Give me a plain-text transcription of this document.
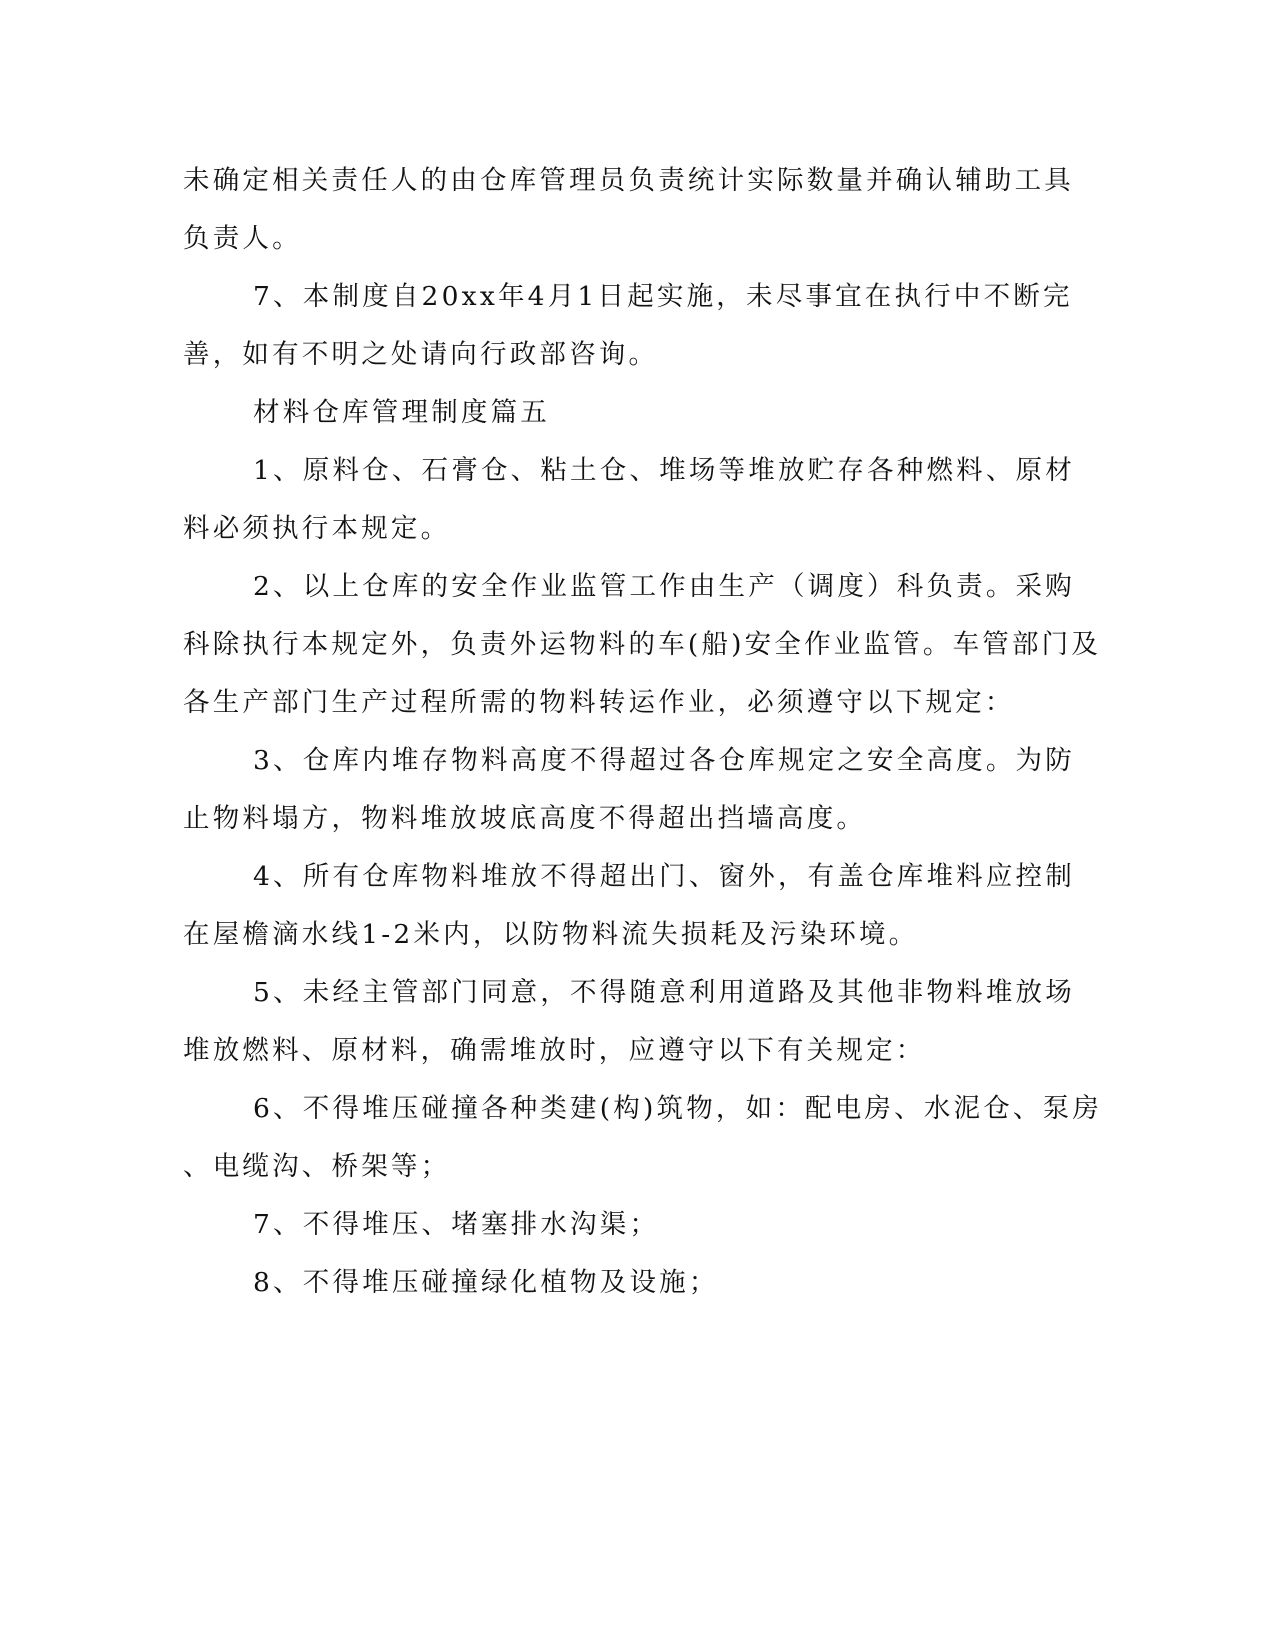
未确定相关责任人的由仓库管理员负责统计实际数量并确认辅助工具
负责人。
7、本制度自20xx年4月1日起实施，未尽事宜在执行中不断完
善，如有不明之处请向行政部咨询。
材料仓库管理制度篇五
1、原料仓、石膏仓、粘土仓、堆场等堆放贮存各种燃料、原材
料必须执行本规定。
2、以上仓库的安全作业监管工作由生产（调度）科负责。采购
科除执行本规定外，负责外运物料的车(船)安全作业监管。车管部门及
各生产部门生产过程所需的物料转运作业，必须遵守以下规定：
3、仓库内堆存物料高度不得超过各仓库规定之安全高度。为防
止物料塌方，物料堆放坡底高度不得超出挡墙高度。
4、所有仓库物料堆放不得超出门、窗外，有盖仓库堆料应控制
在屋檐滴水线1-2米内，以防物料流失损耗及污染环境。
5、未经主管部门同意，不得随意利用道路及其他非物料堆放场
堆放燃料、原材料，确需堆放时，应遵守以下有关规定：
6、不得堆压碰撞各种类建(构)筑物，如：配电房、水泥仓、泵房
、电缆沟、桥架等；
7、不得堆压、堵塞排水沟渠；
8、不得堆压碰撞绿化植物及设施；
